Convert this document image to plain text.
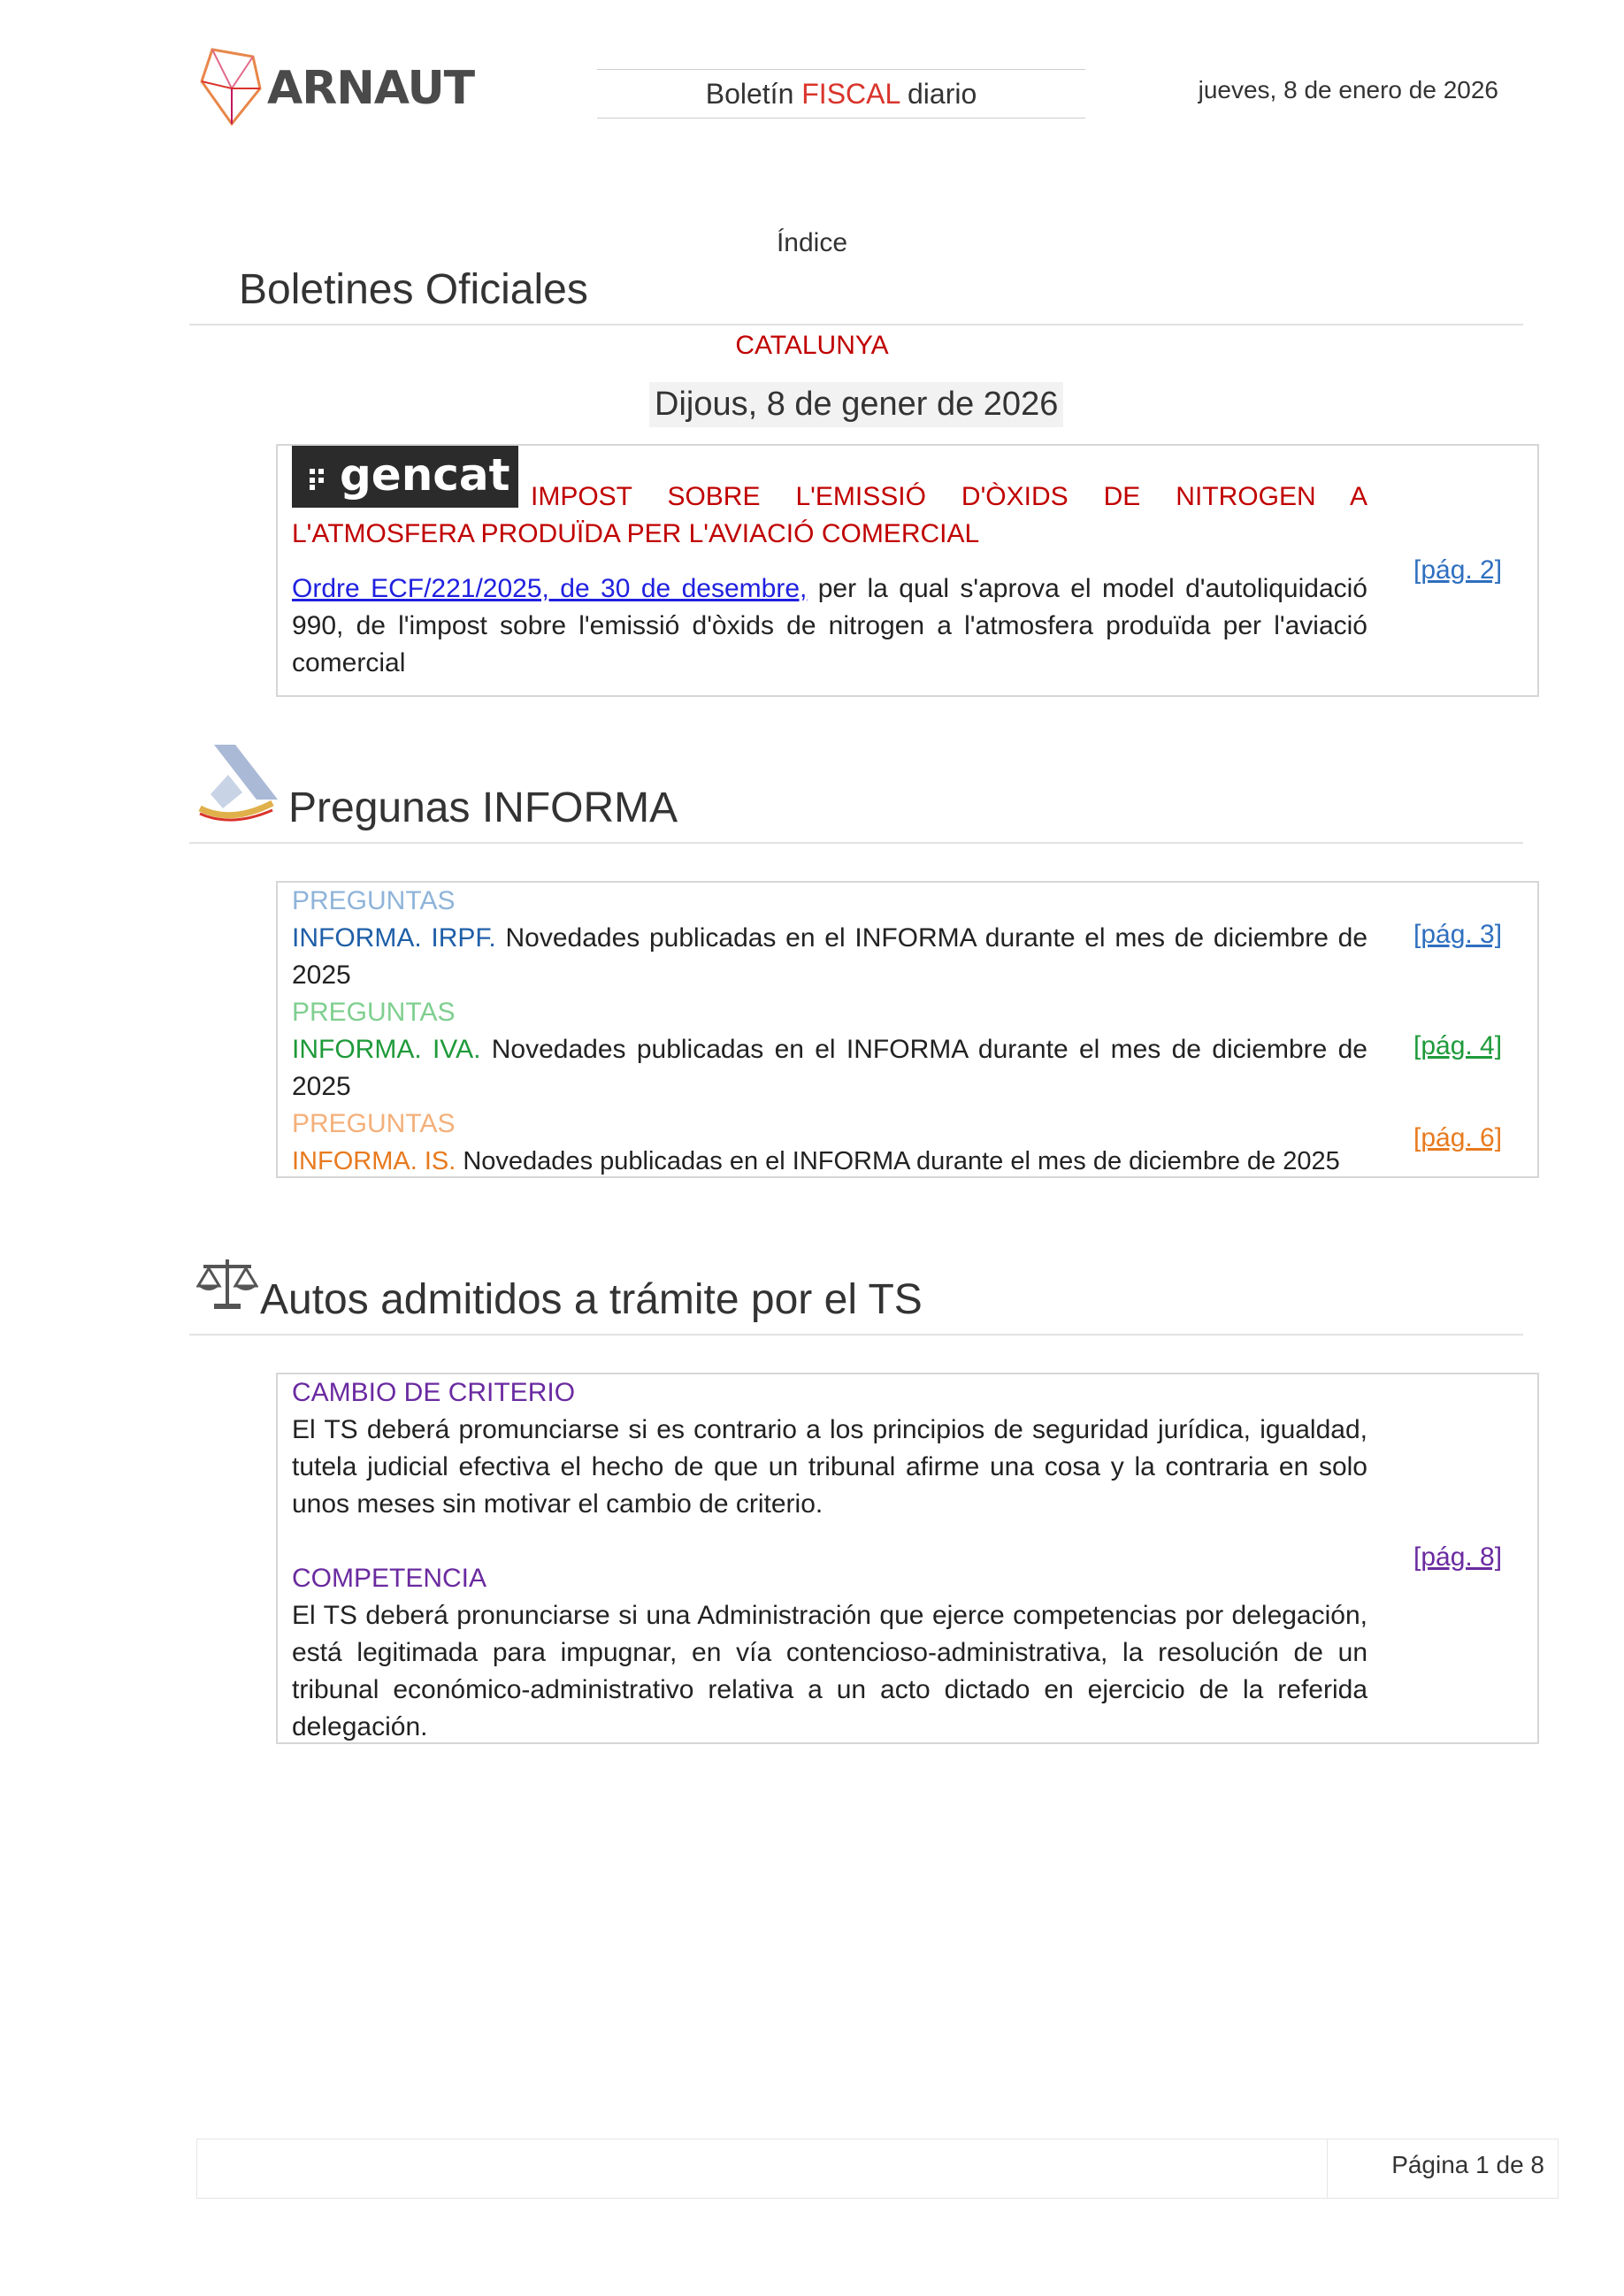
ARNAUT	Boletín FISCAL diario	jueves, 8 de enero de 2026
Índice
Boletines Oficiales
CATALUNYA
Dijous, 8 de gener de 2026
gencat IMPOST SOBRE L'EMISSIÓ D'ÒXIDS DE NITROGEN A L'ATMOSFERA PRODUÏDA PER L'AVIACIÓ COMERCIAL
Ordre ECF/221/2025, de 30 de desembre, per la qual s'aprova el model d'autoliquidació 990, de l'impost sobre l'emissió d'òxids de nitrogen a l'atmosfera produïda per l'aviació comercial
[pág. 2]
Pregunas INFORMA
PREGUNTAS
INFORMA. IRPF. Novedades publicadas en el INFORMA durante el mes de diciembre de 2025
[pág. 3]
PREGUNTAS
INFORMA. IVA. Novedades publicadas en el INFORMA durante el mes de diciembre de 2025
[pág. 4]
PREGUNTAS
INFORMA. IS. Novedades publicadas en el INFORMA durante el mes de diciembre de 2025
[pág. 6]
Autos admitidos a trámite por el TS
CAMBIO DE CRITERIO
El TS deberá promunciarse si es contrario a los principios de seguridad jurídica, igualdad, tutela judicial efectiva el hecho de que un tribunal afirme una cosa y la contraria en solo unos meses sin motivar el cambio de criterio.
COMPETENCIA
El TS deberá pronunciarse si una Administración que ejerce competencias por delegación, está legitimada para impugnar, en vía contencioso-administrativa, la resolución de un tribunal económico-administrativo relativa a un acto dictado en ejercicio de la referida delegación.
[pág. 8]
Página 1 de 8
